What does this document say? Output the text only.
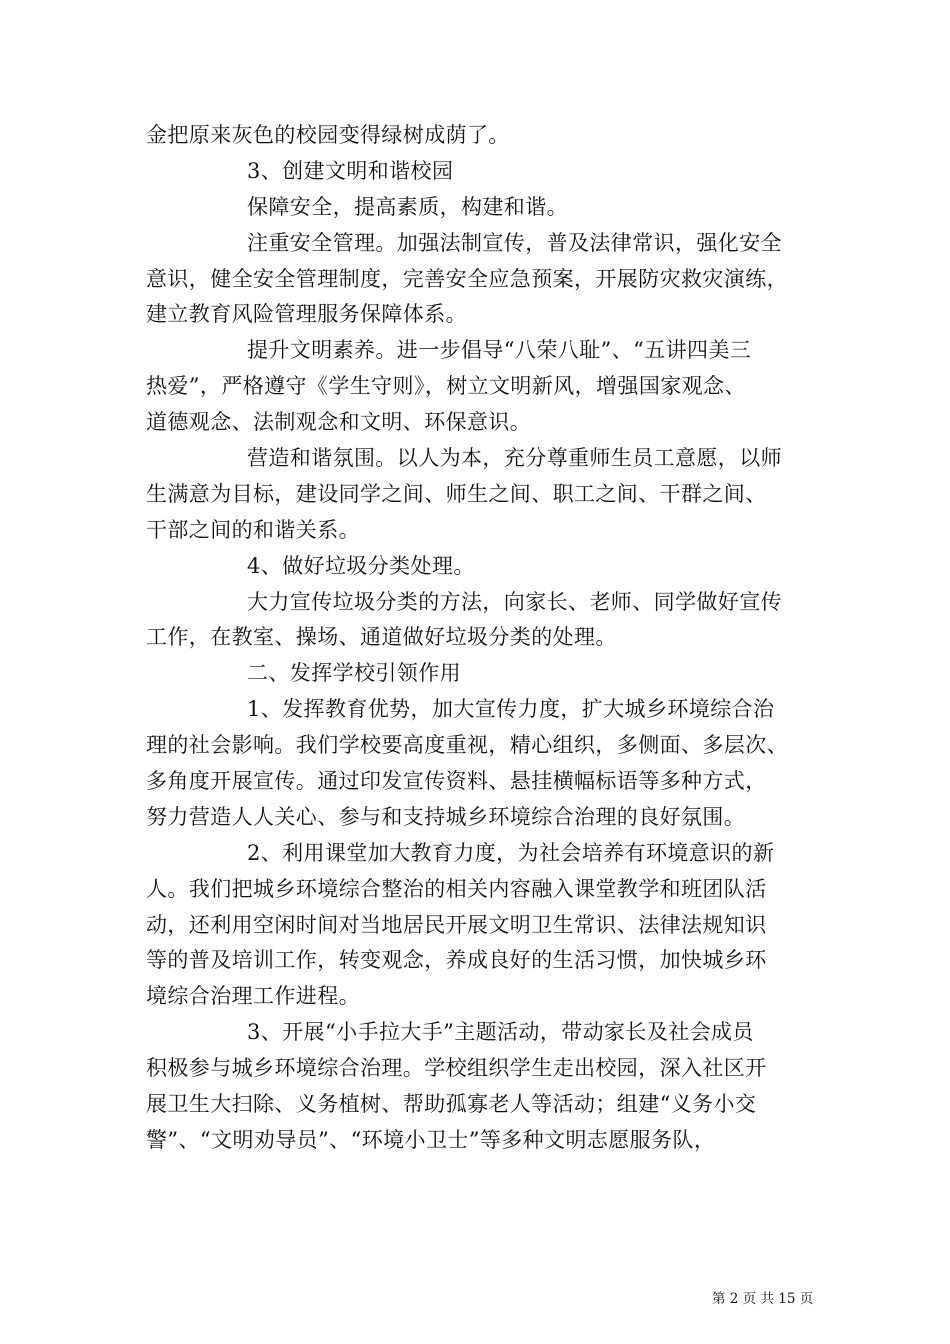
金把原来灰色的校园变得绿树成荫了。
3、创建文明和谐校园
保障安全，提高素质，构建和谐。
注重安全管理。加强法制宣传，普及法律常识，强化安全
意识，健全安全管理制度，完善安全应急预案，开展防灾救灾演练，
建立教育风险管理服务保障体系。
提升文明素养。进一步倡导“八荣八耻”、“五讲四美三
热爱”，严格遵守《学生守则》，树立文明新风，增强国家观念、
道德观念、法制观念和文明、环保意识。
营造和谐氛围。以人为本，充分尊重师生员工意愿，以师
生满意为目标，建设同学之间、师生之间、职工之间、干群之间、
干部之间的和谐关系。
4、做好垃圾分类处理。
大力宣传垃圾分类的方法，向家长、老师、同学做好宣传
工作，在教室、操场、通道做好垃圾分类的处理。
二、发挥学校引领作用
1、发挥教育优势，加大宣传力度，扩大城乡环境综合治
理的社会影响。我们学校要高度重视，精心组织，多侧面、多层次、
多角度开展宣传。通过印发宣传资料、悬挂横幅标语等多种方式，
努力营造人人关心、参与和支持城乡环境综合治理的良好氛围。
2、利用课堂加大教育力度，为社会培养有环境意识的新
人。我们把城乡环境综合整治的相关内容融入课堂教学和班团队活
动，还利用空闲时间对当地居民开展文明卫生常识、法律法规知识
等的普及培训工作，转变观念，养成良好的生活习惯，加快城乡环
境综合治理工作进程。
3、开展“小手拉大手”主题活动，带动家长及社会成员
积极参与城乡环境综合治理。学校组织学生走出校园，深入社区开
展卫生大扫除、义务植树、帮助孤寡老人等活动；组建“义务小交
警”、“文明劝导员”、“环境小卫士”等多种文明志愿服务队，
第 2 页 共 15 页
